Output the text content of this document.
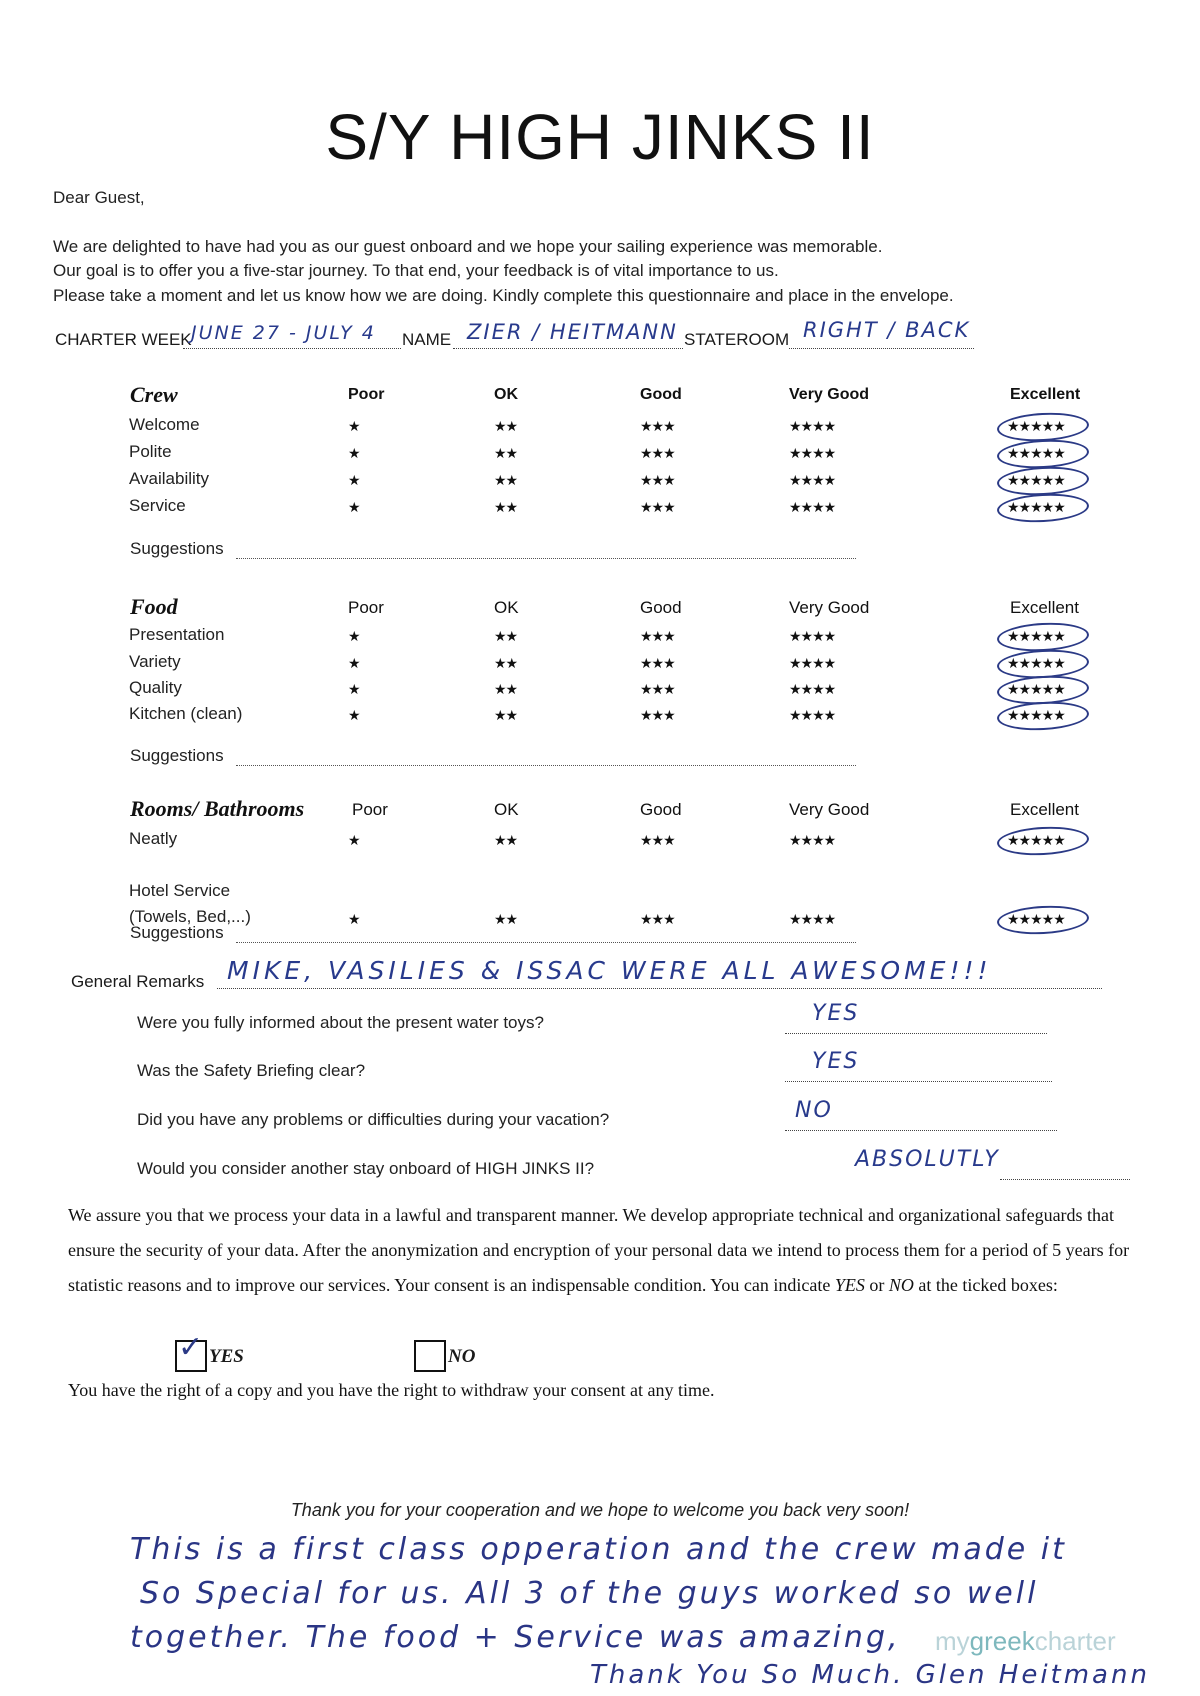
S/Y HIGH JINKS II
Dear Guest,
We are delighted to have had you as our guest onboard and we hope your sailing experience was memorable.
Our goal is to offer you a five-star journey. To that end, your feedback is of vital importance to us.
Please take a moment and let us know how we are doing. Kindly complete this questionnaire and place in the envelope.
CHARTER WEEK JUNE 27 - JULY 4 NAME ZIER / HEITMANN STATEROOM RIGHT / BACK
Crew	Poor	OK	Good	Very Good	Excellent
Welcome	★	★★	★★★	★★★★	★★★★★
Polite	★	★★	★★★	★★★★	★★★★★
Availability	★	★★	★★★	★★★★	★★★★★
Service	★	★★	★★★	★★★★	★★★★★
Suggestions
Food	Poor	OK	Good	Very Good	Excellent
Presentation	★	★★	★★★	★★★★	★★★★★
Variety	★	★★	★★★	★★★★	★★★★★
Quality	★	★★	★★★	★★★★	★★★★★
Kitchen (clean)	★	★★	★★★	★★★★	★★★★★
Suggestions
Rooms/ Bathrooms	Poor	OK	Good	Very Good	Excellent
Neatly	★	★★	★★★	★★★★	★★★★★
Hotel Service
(Towels, Bed,...)	★	★★	★★★	★★★★	★★★★★
Suggestions
General Remarks MIKE, VASILIES & ISSAC WERE ALL AWESOME!!!
Were you fully informed about the present water toys?	YES
Was the Safety Briefing clear?	YES
Did you have any problems or difficulties during your vacation?	NO
Would you consider another stay onboard of HIGH JINKS II?	ABSOLUTLY
We assure you that we process your data in a lawful and transparent manner. We develop appropriate technical and organizational safeguards that ensure the security of your data. After the anonymization and encryption of your personal data we intend to process them for a period of 5 years for statistic reasons and to improve our services. Your consent is an indispensable condition. You can indicate YES or NO at the ticked boxes:
✓ YES	NO
You have the right of a copy and you have the right to withdraw your consent at any time.
Thank you for your cooperation and we hope to welcome you back very soon!
This is a first class opperation and the crew made it
So Special for us. All 3 of the guys worked so well
together. The food + Service was amazing,
Thank You So Much. Glen Heitmann
mygreekcharter
